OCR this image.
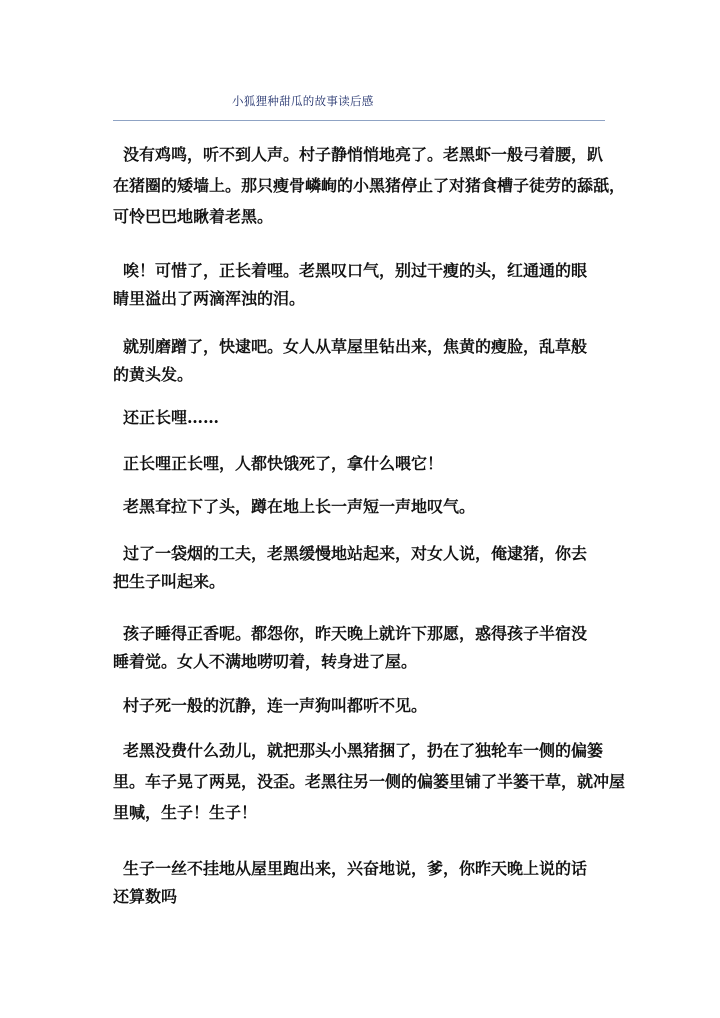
小狐狸种甜瓜的故事读后感
没有鸡鸣，听不到人声。村子静悄悄地亮了。老黑虾一般弓着腰，趴
在猪圈的矮墙上。那只瘦骨嶙峋的小黑猪停止了对猪食槽子徒劳的舔舐，
可怜巴巴地瞅着老黑。
唉！可惜了，正长着哩。老黑叹口气，别过干瘦的头，红通通的眼
睛里溢出了两滴浑浊的泪。
就别磨蹭了，快逮吧。女人从草屋里钻出来，焦黄的瘦脸，乱草般
的黄头发。
还正长哩……
正长哩正长哩，人都快饿死了，拿什么喂它！
老黑耷拉下了头，蹲在地上长一声短一声地叹气。
过了一袋烟的工夫，老黑缓慢地站起来，对女人说，俺逮猪，你去
把生子叫起来。
孩子睡得正香呢。都怨你，昨天晚上就许下那愿，惑得孩子半宿没
睡着觉。女人不满地唠叨着，转身进了屋。
村子死一般的沉静，连一声狗叫都听不见。
老黑没费什么劲儿，就把那头小黑猪捆了，扔在了独轮车一侧的偏篓
里。车子晃了两晃，没歪。老黑往另一侧的偏篓里铺了半篓干草，就冲屋
里喊，生子！生子！
生子一丝不挂地从屋里跑出来，兴奋地说，爹，你昨天晚上说的话
还算数吗
